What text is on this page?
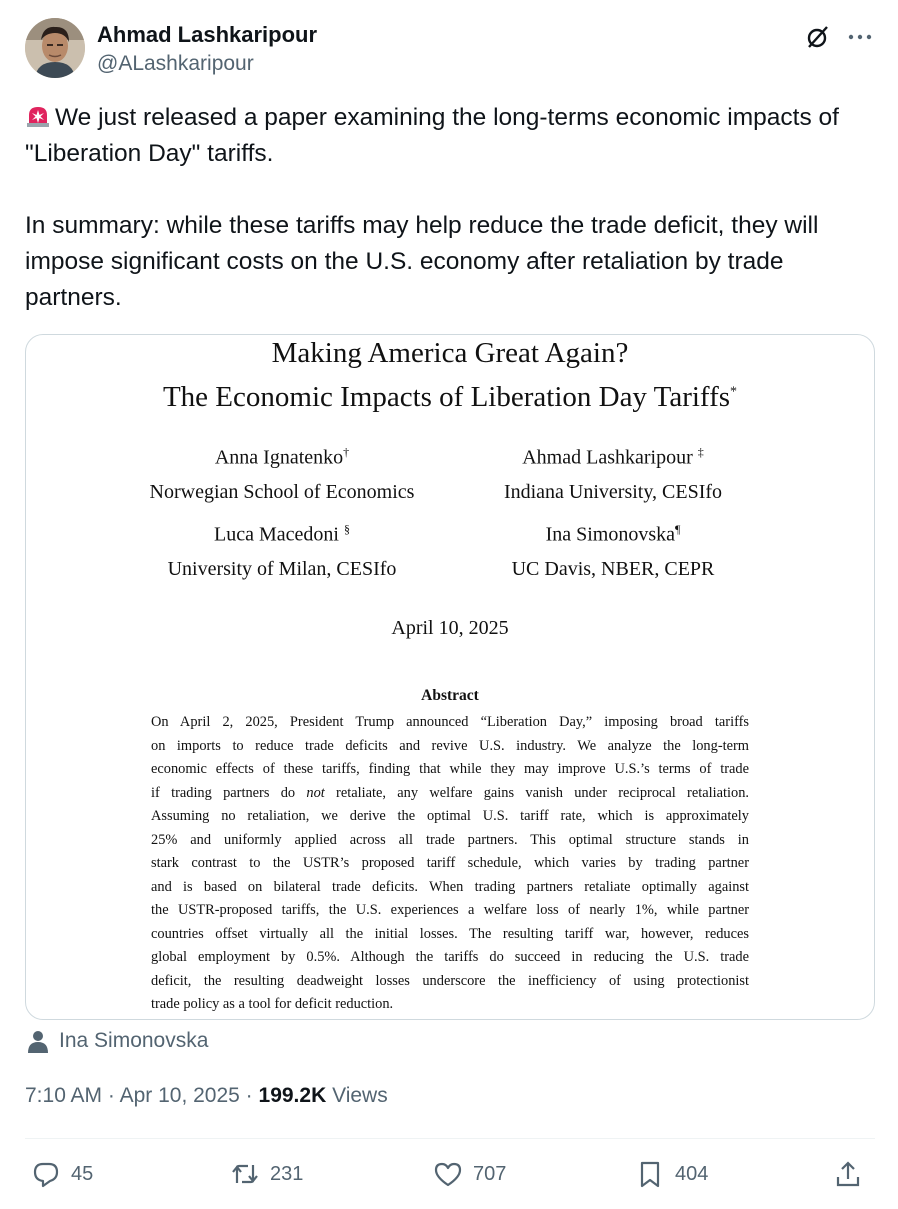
Ahmad Lashkaripour
@ALashkaripour

We just released a paper examining the long-terms economic impacts of "Liberation Day" tariffs.

In summary: while these tariffs may help reduce the trade deficit, they will impose significant costs on the U.S. economy after retaliation by trade partners.

Making America Great Again?
The Economic Impacts of Liberation Day Tariffs*
Anna Ignatenko†
Norwegian School of Economics
Ahmad Lashkaripour ‡
Indiana University, CESIfo
Luca Macedoni §
University of Milan, CESIfo
Ina Simonovska¶
UC Davis, NBER, CEPR
April 10, 2025
Abstract
On April 2, 2025, President Trump announced “Liberation Day,” imposing broad tariffs
on imports to reduce trade deficits and revive U.S. industry. We analyze the long-term
economic effects of these tariffs, finding that while they may improve U.S.’s terms of trade
if trading partners do not retaliate, any welfare gains vanish under reciprocal retaliation.
Assuming no retaliation, we derive the optimal U.S. tariff rate, which is approximately
25% and uniformly applied across all trade partners. This optimal structure stands in
stark contrast to the USTR’s proposed tariff schedule, which varies by trading partner
and is based on bilateral trade deficits. When trading partners retaliate optimally against
the USTR-proposed tariffs, the U.S. experiences a welfare loss of nearly 1%, while partner
countries offset virtually all the initial losses. The resulting tariff war, however, reduces
global employment by 0.5%. Although the tariffs do succeed in reducing the U.S. trade
deficit, the resulting deadweight losses underscore the inefficiency of using protectionist
trade policy as a tool for deficit reduction.
Ina Simonovska
7:10 AM · Apr 10, 2025 · 199.2K Views
45	231	707	404
